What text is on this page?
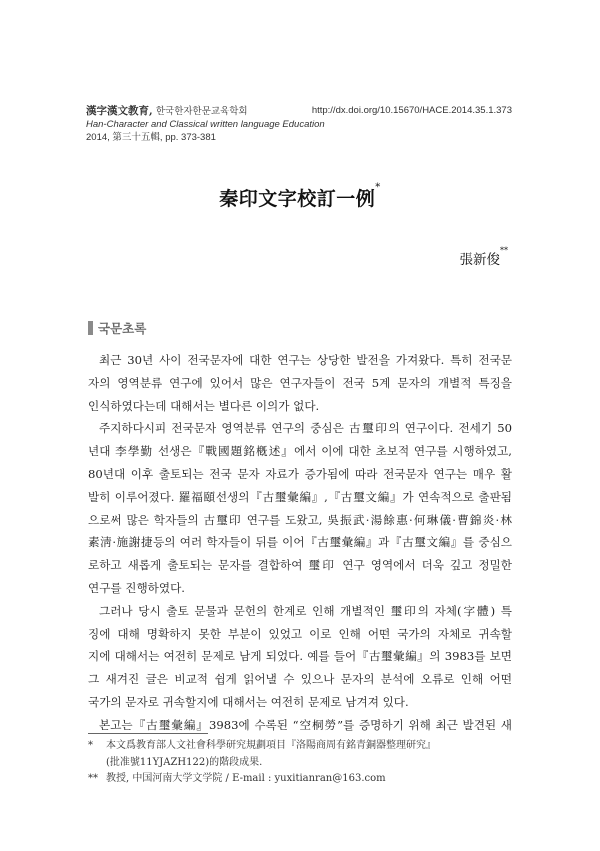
漢字漢文教育, 한국한자한문교육학회
Han-Character and Classical written language Education
2014, 第三十五輯, pp. 373-381
http://dx.doi.org/10.15670/HACE.2014.35.1.373
秦印文字校訂一例*
張新俊**
국문초록
최근 30년 사이 전국문자에 대한 연구는 상당한 발전을 가져왔다. 특히 전국문
자의 영역분류 연구에 있어서 많은 연구자들이 전국 5계 문자의 개별적 특징을
인식하였다는데 대해서는 별다른 이의가 없다.
주지하다시피 전국문자 영역분류 연구의 중심은 古璽印의 연구이다. 전세기 50
년대 李學勤 선생은『戰國題銘槪述』에서 이에 대한 초보적 연구를 시행하였고,
80년대 이후 출토되는 전국 문자 자료가 증가됨에 따라 전국문자 연구는 매우 활
발히 이루어졌다. 羅福頤선생의『古璽彙編』,『古璽文編』가 연속적으로 출판됨
으로써 많은 학자들의 古璽印 연구를 도왔고, 吳振武·湯餘惠·何琳儀·曹錦炎·林
素淸·施謝捷등의 여러 학자들이 뒤를 이어『古璽彙編』과『古璽文編』를 중심으
로하고 새롭게 출토되는 문자를 결합하여 璽印 연구 영역에서 더욱 깊고 정밀한
연구를 진행하였다.
그러나 당시 출토 문물과 문헌의 한계로 인해 개별적인 璽印의 자체(字體) 특
징에 대해 명확하지 못한 부분이 있었고 이로 인해 어떤 국가의 자체로 귀속할
지에 대해서는 여전히 문제로 남게 되었다. 예를 들어『古璽彙編』의 3983를 보면
그 새겨진 글은 비교적 쉽게 읽어낼 수 있으나 문자의 분석에 오류로 인해 어떤
국가의 문자로 귀속할지에 대해서는 여전히 문제로 남겨져 있다.
본고는『古璽彙編』3983에 수록된 “空桐勞”를 증명하기 위해 최근 발견된 새
* 本文爲教育部人文社會科學研究規劃項目『洛陽商周有銘青銅器整理研究』
(批准號11YJAZH122)的階段成果.
** 教授, 中国河南大学文学院 / E-mail : yuxitianran@163.com
